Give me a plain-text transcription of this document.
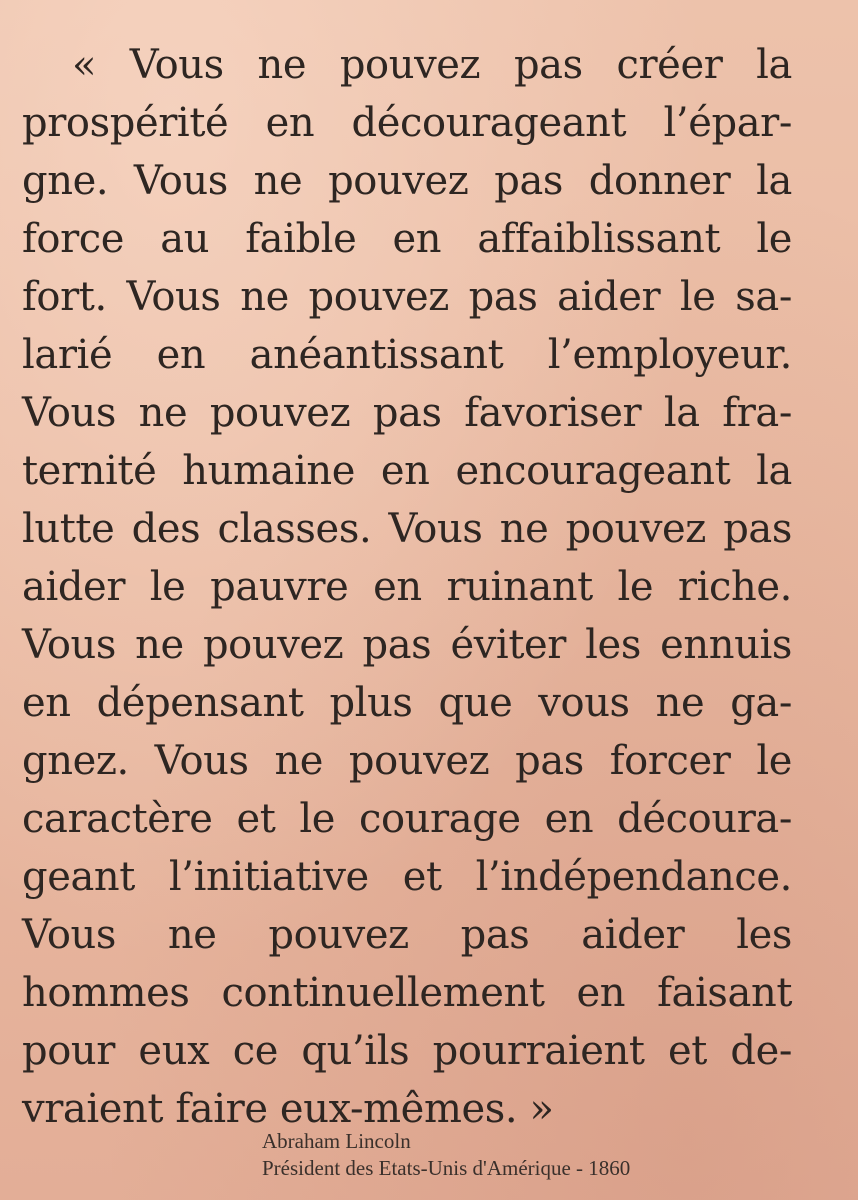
« Vous ne pouvez pas créer la
prospérité en décourageant l’épar-
gne. Vous ne pouvez pas donner la
force au faible en affaiblissant le
fort. Vous ne pouvez pas aider le sa-
larié en anéantissant l’employeur.
Vous ne pouvez pas favoriser la fra-
ternité humaine en encourageant la
lutte des classes. Vous ne pouvez pas
aider le pauvre en ruinant le riche.
Vous ne pouvez pas éviter les ennuis
en dépensant plus que vous ne ga-
gnez. Vous ne pouvez pas forcer le
caractère et le courage en découra-
geant l’initiative et l’indépendance.
Vous ne pouvez pas aider les
hommes continuellement en faisant
pour eux ce qu’ils pourraient et de-
vraient faire eux-mêmes. »
Abraham Lincoln
Président des Etats-Unis d'Amérique - 1860
